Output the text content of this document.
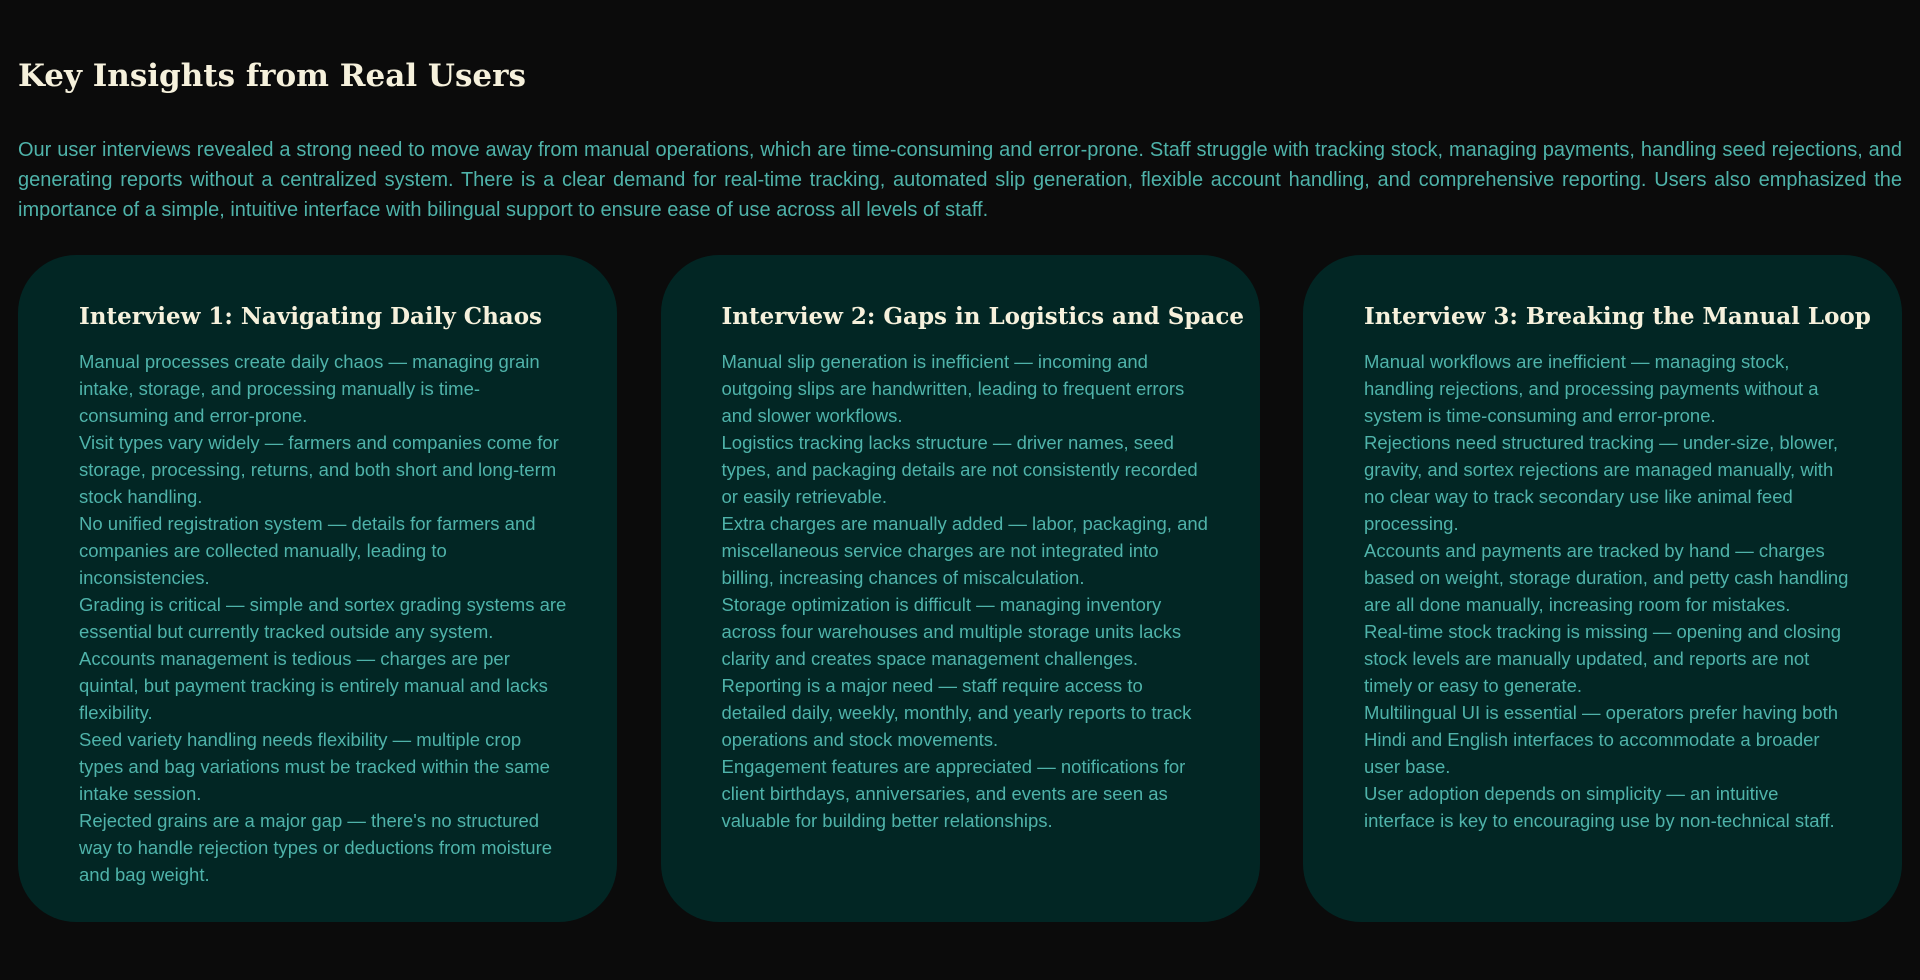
Key Insights from Real Users

Our user interviews revealed a strong need to move away from manual operations, which are time-consuming and error-prone. Staff struggle with tracking stock, managing payments, handling seed rejections, and generating reports without a centralized system. There is a clear demand for real-time tracking, automated slip generation, flexible account handling, and comprehensive reporting. Users also emphasized the importance of a simple, intuitive interface with bilingual support to ensure ease of use across all levels of staff.

Interview 1: Navigating Daily Chaos
Manual processes create daily chaos — managing grain intake, storage, and processing manually is time-consuming and error-prone.
Visit types vary widely — farmers and companies come for storage, processing, returns, and both short and long-term stock handling.
No unified registration system — details for farmers and companies are collected manually, leading to inconsistencies.
Grading is critical — simple and sortex grading systems are essential but currently tracked outside any system.
Accounts management is tedious — charges are per quintal, but payment tracking is entirely manual and lacks flexibility.
Seed variety handling needs flexibility — multiple crop types and bag variations must be tracked within the same intake session.
Rejected grains are a major gap — there's no structured way to handle rejection types or deductions from moisture and bag weight.
Interview 2: Gaps in Logistics and Space
Manual slip generation is inefficient — incoming and outgoing slips are handwritten, leading to frequent errors and slower workflows.
Logistics tracking lacks structure — driver names, seed types, and packaging details are not consistently recorded or easily retrievable.
Extra charges are manually added — labor, packaging, and miscellaneous service charges are not integrated into billing, increasing chances of miscalculation.
Storage optimization is difficult — managing inventory across four warehouses and multiple storage units lacks clarity and creates space management challenges.
Reporting is a major need — staff require access to detailed daily, weekly, monthly, and yearly reports to track operations and stock movements.
Engagement features are appreciated — notifications for client birthdays, anniversaries, and events are seen as valuable for building better relationships.
Interview 3: Breaking the Manual Loop
Manual workflows are inefficient — managing stock, handling rejections, and processing payments without a system is time-consuming and error-prone.
Rejections need structured tracking — under-size, blower, gravity, and sortex rejections are managed manually, with no clear way to track secondary use like animal feed processing.
Accounts and payments are tracked by hand — charges based on weight, storage duration, and petty cash handling are all done manually, increasing room for mistakes.
Real-time stock tracking is missing — opening and closing stock levels are manually updated, and reports are not timely or easy to generate.
Multilingual UI is essential — operators prefer having both Hindi and English interfaces to accommodate a broader user base.
User adoption depends on simplicity — an intuitive interface is key to encouraging use by non-technical staff.
